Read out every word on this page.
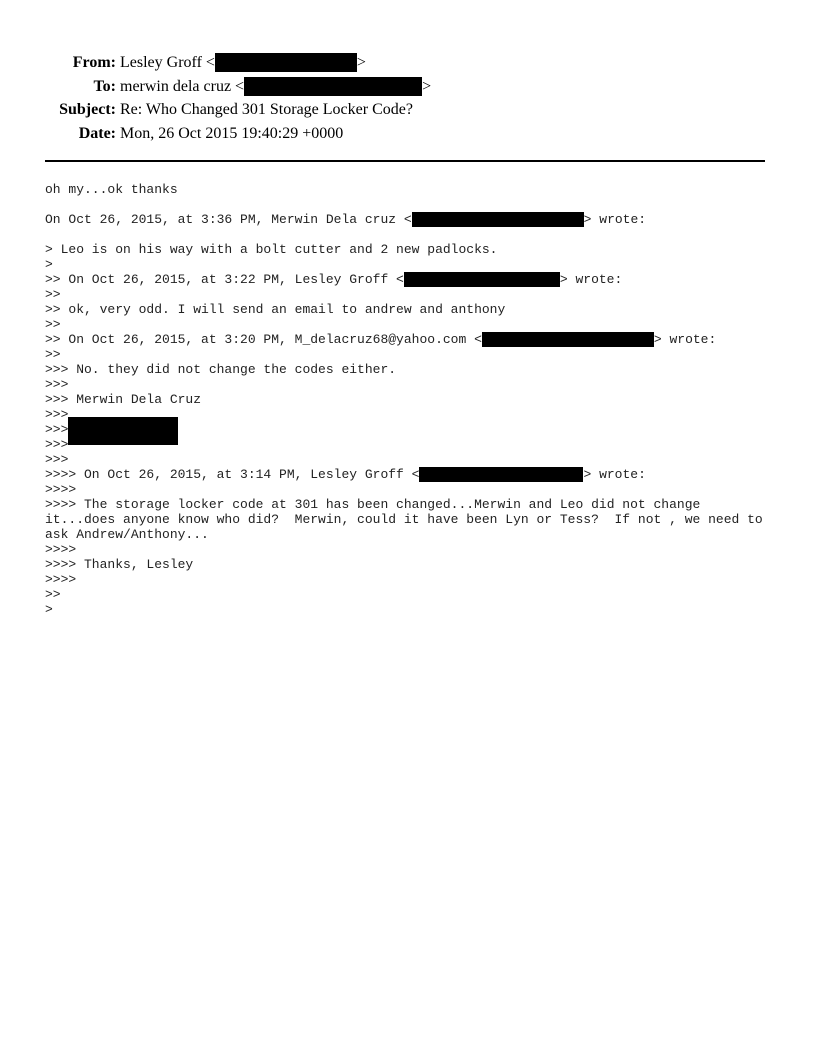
From: Lesley Groff <	>
To: merwin dela cruz <	>
Subject: Re: Who Changed 301 Storage Locker Code?
Date: Mon, 26 Oct 2015 19:40:29 +0000
oh my...ok thanks
On Oct 26, 2015, at 3:36 PM, Merwin Dela cruz <	> wrote:
> Leo is on his way with a bolt cutter and 2 new padlocks.
>
>> On Oct 26, 2015, at 3:22 PM, Lesley Groff <	> wrote:
>>
>> ok, very odd. I will send an email to andrew and anthony
>>
>> On Oct 26, 2015, at 3:20 PM, M_delacruz68@yahoo.com <	> wrote:
>>
>>> No. they did not change the codes either.
>>>
>>> Merwin Dela Cruz
>>>
>>>
>>>
>>>
>>>> On Oct 26, 2015, at 3:14 PM, Lesley Groff <	> wrote:
>>>>
>>>> The storage locker code at 301 has been changed...Merwin and Leo did not change it...does anyone know who did?  Merwin, could it have been Lyn or Tess?  If not , we need to ask Andrew/Anthony...
>>>>
>>>> Thanks, Lesley
>>>>
>>
>
